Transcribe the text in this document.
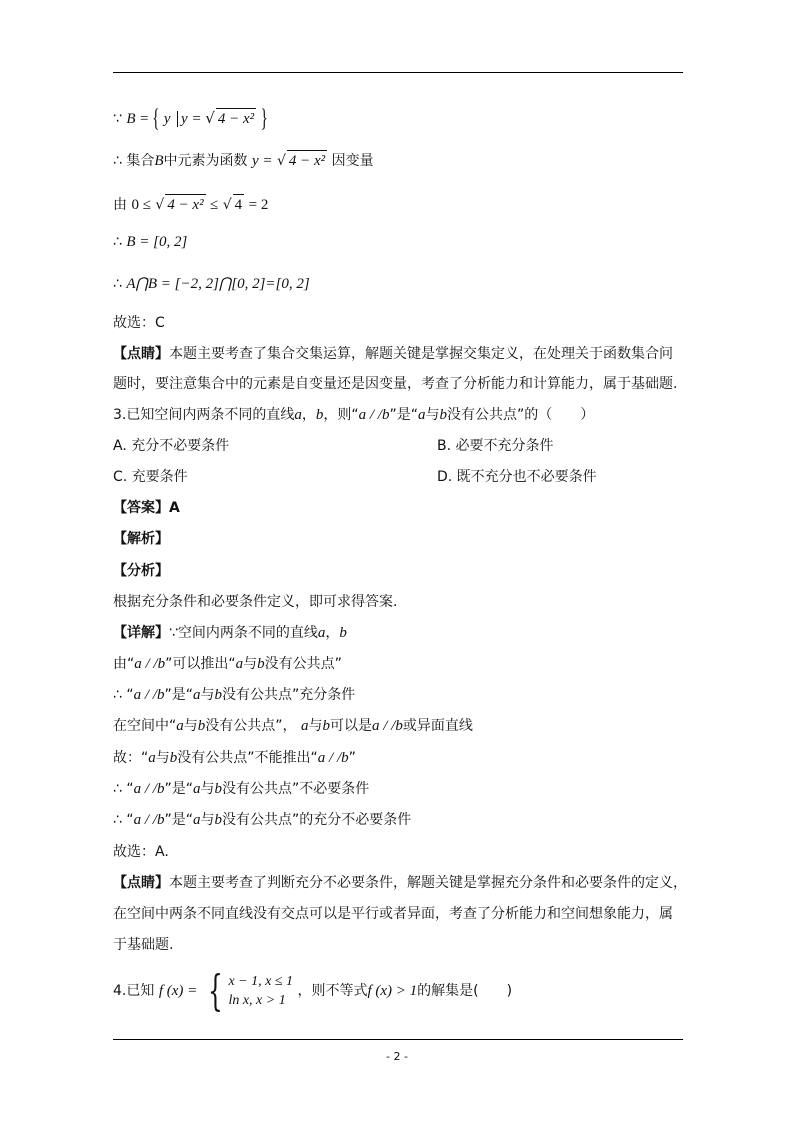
∵ B = { y y = √ 4 − x² }
∴ 集合B中元素为函数 y = √ 4 − x² 因变量
由 0 ≤ √ 4 − x² ≤ √ 4 = 2
∴ B = [0, 2]
∴ A⋂B = [−2, 2]⋂[0, 2]=[0, 2]
故选：C
【点睛】本题主要考查了集合交集运算，解题关键是掌握交集定义，在处理关于函数集合问
题时，要注意集合中的元素是自变量还是因变量，考查了分析能力和计算能力，属于基础题.
3.已知空间内两条不同的直线a，b，则“a / /b”是“a与b没有公共点”的（　　）
A. 充分不必要条件	B. 必要不充分条件
C. 充要条件	D. 既不充分也不必要条件
【答案】A
【解析】
【分析】
根据充分条件和必要条件定义，即可求得答案.
【详解】∵空间内两条不同的直线a，b
由“a / /b”可以推出“a与b没有公共点”
∴ “a / /b”是“a与b没有公共点”充分条件
在空间中“a与b没有公共点”， a与b可以是a / /b或异面直线
故：“a与b没有公共点”不能推出“a / /b”
∴ “a / /b”是“a与b没有公共点”不必要条件
∴ “a / /b”是“a与b没有公共点”的充分不必要条件
故选：A.
【点睛】本题主要考查了判断充分不必要条件，解题关键是掌握充分条件和必要条件的定义，
在空间中两条不同直线没有交点可以是平行或者异面，考查了分析能力和空间想象能力，属
于基础题.
4.已知 f (x) = { x − 1, x ≤ 1
ln x, x > 1
，则不等式f (x) > 1的解集是(　　)
- 2 -
